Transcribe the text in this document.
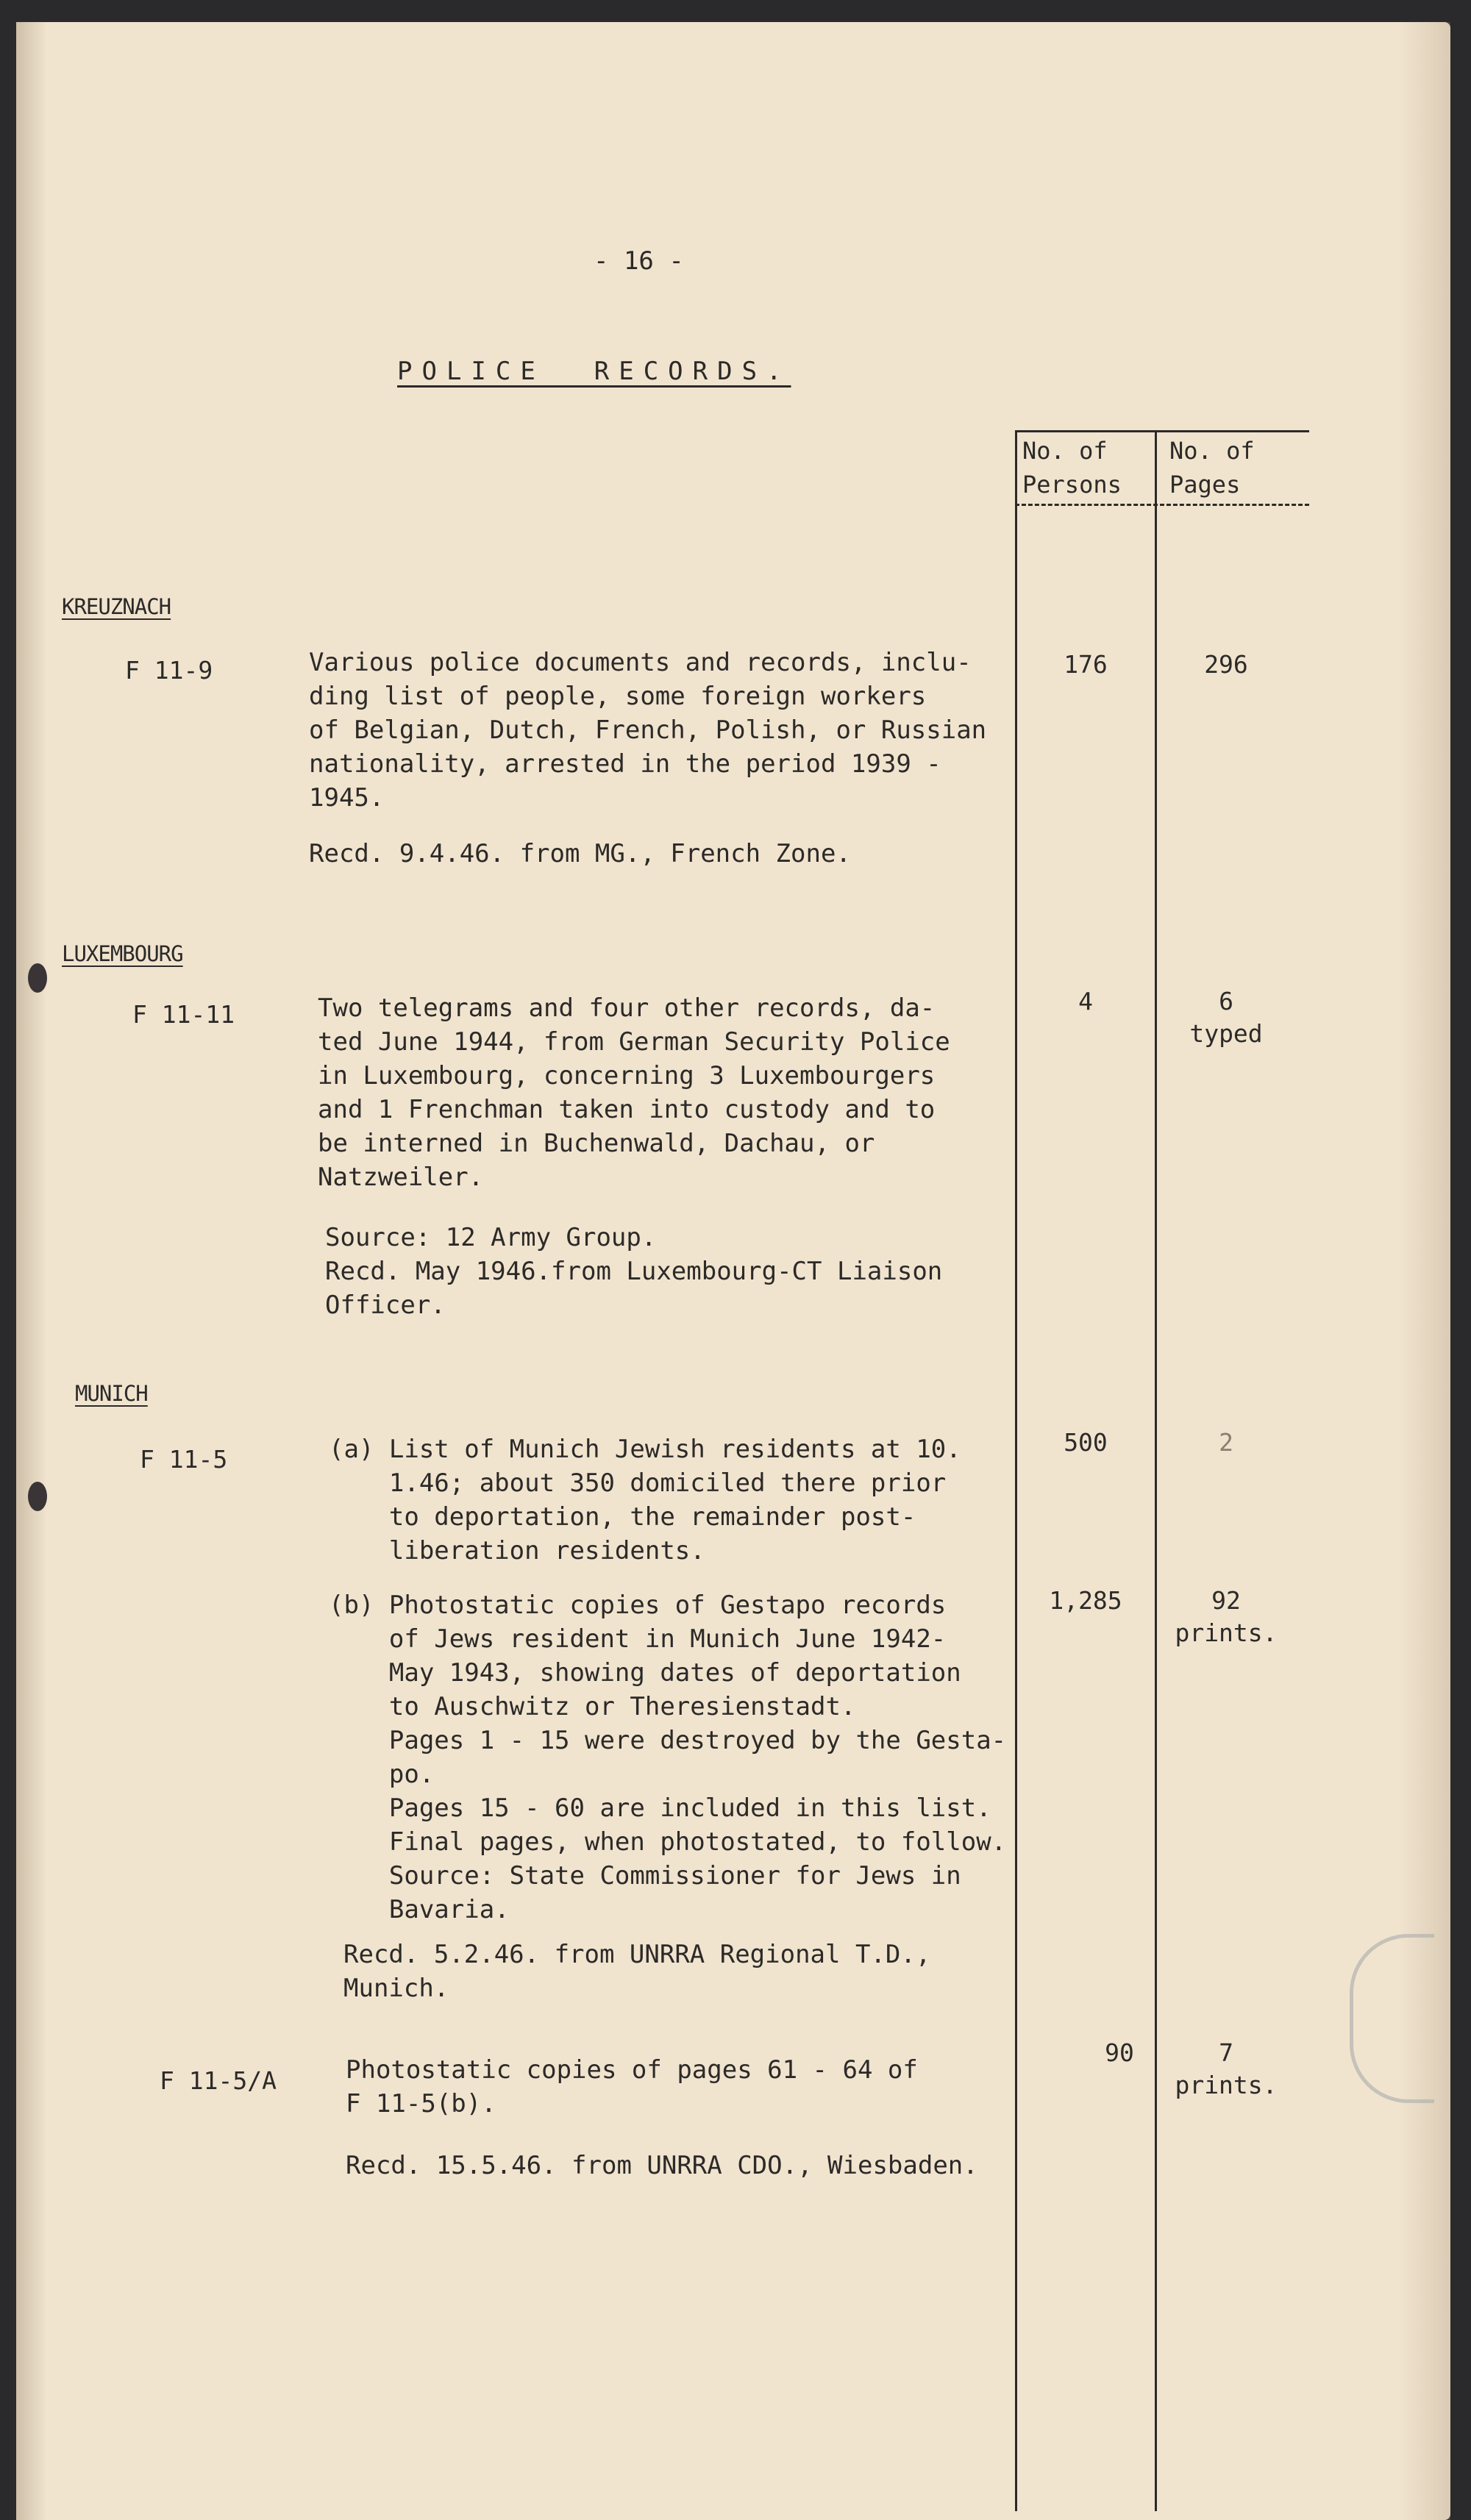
- 16 -
POLICE  RECORDS.
No. of
Persons
No. of
Pages
KREUZNACH
F 11-9	Various police documents and records, inclu-
ding list of people, some foreign workers
of Belgian, Dutch, French, Polish, or Russian
nationality, arrested in the period 1939 -
1945.
Recd. 9.4.46. from MG., French Zone.
176	296
LUXEMBOURG
F 11-11	Two telegrams and four other records, da-
ted June 1944, from German Security Police
in Luxembourg, concerning 3 Luxembourgers
and 1 Frenchman taken into custody and to
be interned in Buchenwald, Dachau, or
Natzweiler.
Source: 12 Army Group.
Recd. May 1946.from Luxembourg-CT Liaison
Officer.
4	6
typed
MUNICH
F 11-5	(a) List of Munich Jewish residents at 10.
1.46; about 350 domiciled there prior
to deportation, the remainder post-
liberation residents.
500	2
(b) Photostatic copies of Gestapo records
of Jews resident in Munich June 1942-
May 1943, showing dates of deportation
to Auschwitz or Theresienstadt.
Pages 1 - 15 were destroyed by the Gesta-
po.
Pages 15 - 60 are included in this list.
Final pages, when photostated, to follow.
Source: State Commissioner for Jews in
Bavaria.
1,285	92
prints.
Recd. 5.2.46. from UNRRA Regional T.D.,
Munich.
F 11-5/A	Photostatic copies of pages 61 - 64 of
F 11-5(b).
Recd. 15.5.46. from UNRRA CDO., Wiesbaden.
90	7
prints.
